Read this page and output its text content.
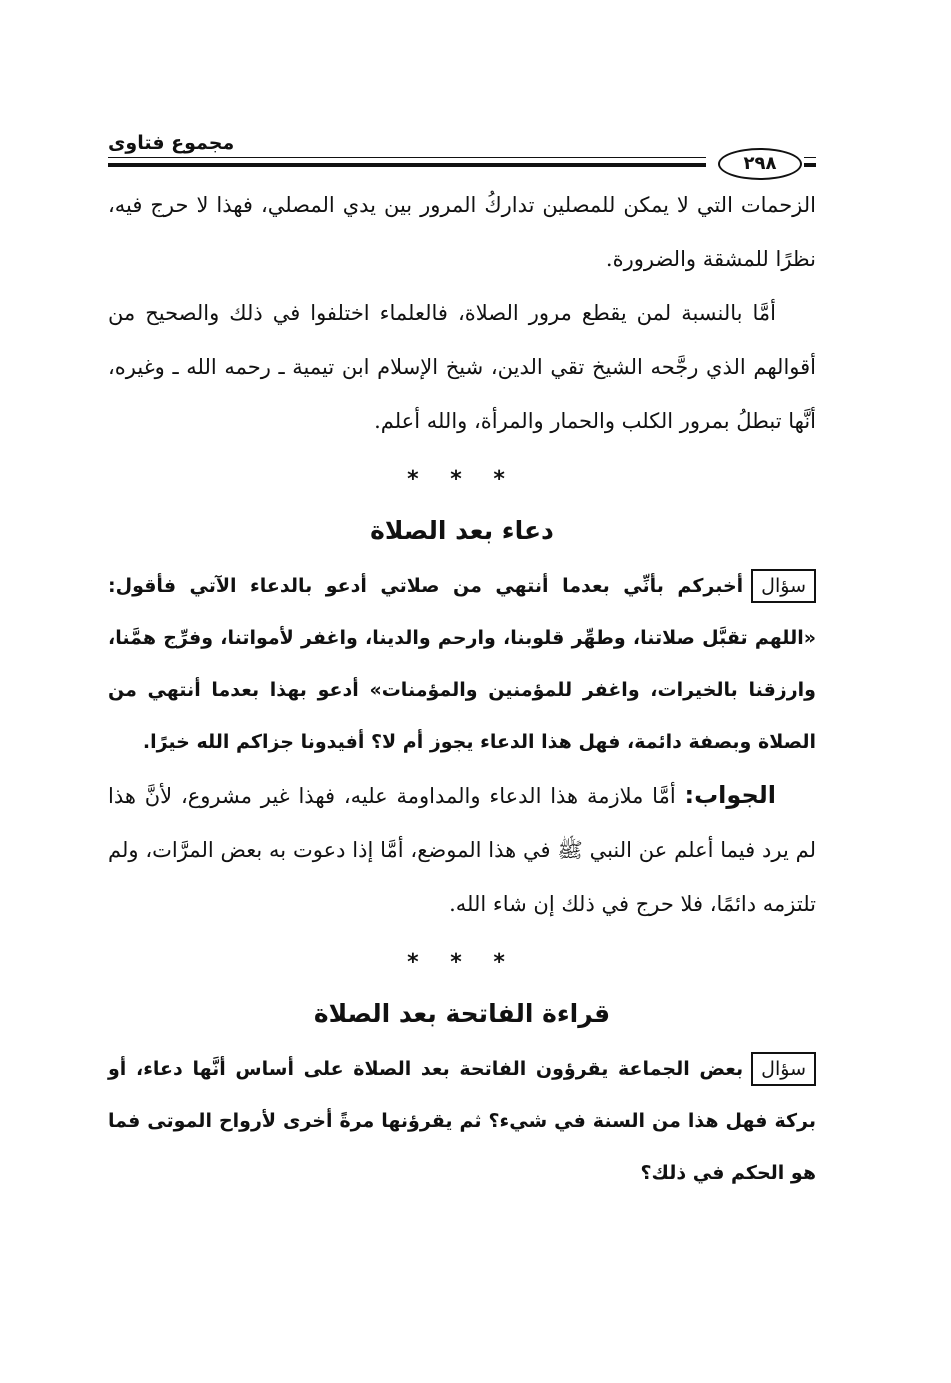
مجموع فتاوى
٢٩٨

الزحمات التي لا يمكن للمصلين تداركُ المرور بين يدي المصلي، فهذا لا حرج فيه، نظرًا للمشقة والضرورة.

أمَّا بالنسبة لمن يقطع مرور الصلاة، فالعلماء اختلفوا في ذلك والصحيح من أقوالهم الذي رجَّحه الشيخ تقي الدين، شيخ الإسلام ابن تيمية ـ رحمه الله ـ وغيره، أنَّها تبطلُ بمرور الكلب والحمار والمرأة، والله أعلم.

* * *
دعاء بعد الصلاة

سؤالأخبركم بأنِّي بعدما أنتهي من صلاتي أدعو بالدعاء الآتي فأقول: «اللهم تقبَّل صلاتنا، وطهِّر قلوبنا، وارحم والدينا، واغفر لأمواتنا، وفرِّج همَّنا، وارزقنا بالخيرات، واغفر للمؤمنين والمؤمنات» أدعو بهذا بعدما أنتهي من الصلاة وبصفة دائمة، فهل هذا الدعاء يجوز أم لا؟ أفيدونا جزاكم الله خيرًا.

الجواب: أمَّا ملازمة هذا الدعاء والمداومة عليه، فهذا غير مشروع، لأنَّ هذا لم يرد فيما أعلم عن النبي ﷺ في هذا الموضع، أمَّا إذا دعوت به بعض المرَّات، ولم تلتزمه دائمًا، فلا حرج في ذلك إن شاء الله.

* * *
قراءة الفاتحة بعد الصلاة

سؤالبعض الجماعة يقرؤون الفاتحة بعد الصلاة على أساس أنَّها دعاء، أو بركة فهل هذا من السنة في شيء؟ ثم يقرؤنها مرةً أخرى لأرواح الموتى فما هو الحكم في ذلك؟
